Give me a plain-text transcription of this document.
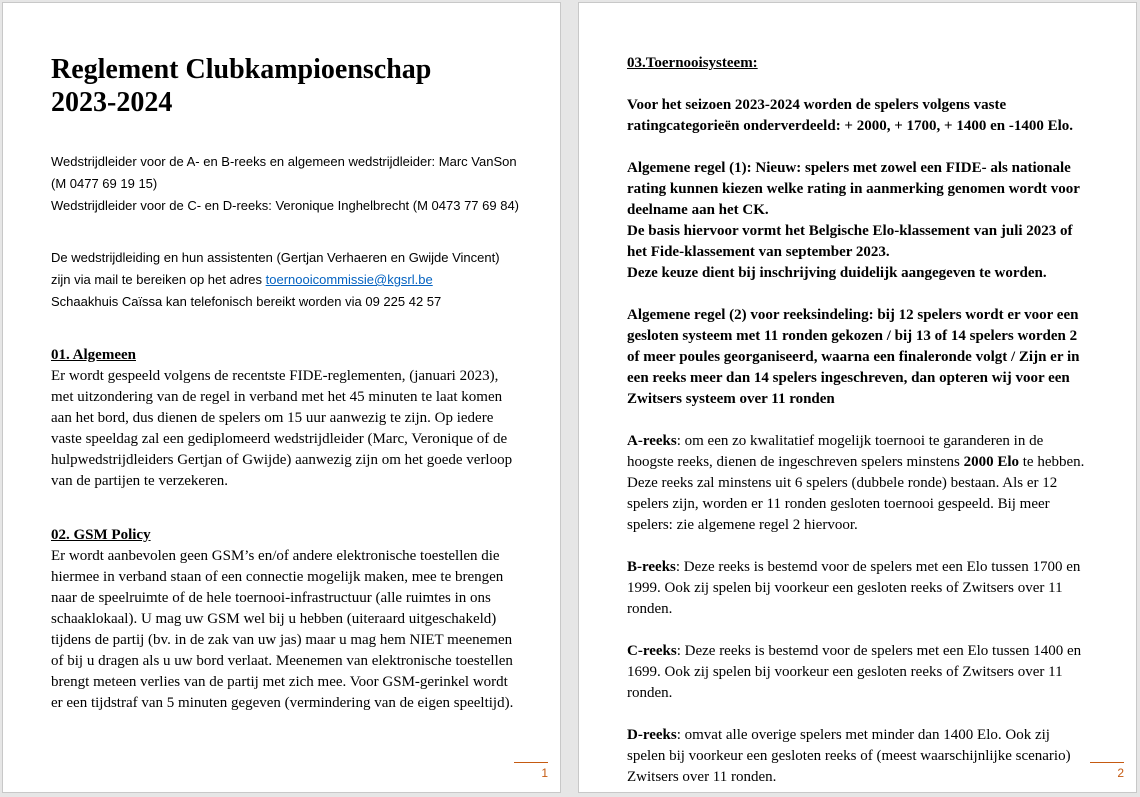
Reglement Clubkampioenschap
2023-2024

Wedstrijdleider voor de A- en B-reeks en algemeen wedstrijdleider: Marc VanSon (M 0477 69 19 15)

Wedstrijdleider voor de C- en D-reeks: Veronique Inghelbrecht (M 0473 77 69 84)

De wedstrijdleiding en hun assistenten (Gertjan Verhaeren en Gwijde Vincent) zijn via mail te bereiken op het adres toernooicommissie@kgsrl.be

Schaakhuis Caïssa kan telefonisch bereikt worden via 09 225 42 57

01. Algemeen

Er wordt gespeeld volgens de recentste FIDE-reglementen, (januari 2023), met uitzondering van de regel in verband met het 45 minuten te laat komen aan het bord, dus dienen de spelers om 15 uur aanwezig te zijn. Op iedere vaste speeldag zal een gediplomeerd wedstrijdleider (Marc, Veronique of de hulpwedstrijdleiders Gertjan of Gwijde) aanwezig zijn om het goede verloop van de partijen te verzekeren.

02. GSM Policy

Er wordt aanbevolen geen GSM’s en/of andere elektronische toestellen die hiermee in verband staan of een connectie mogelijk maken, mee te brengen naar de speelruimte of de hele toernooi-infrastructuur (alle ruimtes in ons schaaklokaal). U mag uw GSM wel bij u hebben (uiteraard uitgeschakeld) tijdens de partij (bv. in de zak van uw jas) maar u mag hem NIET meenemen of bij u dragen als u uw bord verlaat. Meenemen van elektronische toestellen brengt meteen verlies van de partij met zich mee. Voor GSM-gerinkel wordt er een tijdstraf van 5 minuten gegeven (vermindering van de eigen speeltijd).

1

03.Toernooisysteem:

Voor het seizoen 2023-2024 worden de spelers volgens vaste ratingcategorieën onderverdeeld: + 2000, + 1700, + 1400 en -1400 Elo.

Algemene regel (1): Nieuw: spelers met zowel een FIDE- als nationale rating kunnen kiezen welke rating in aanmerking genomen wordt voor deelname aan het CK.

De basis hiervoor vormt het Belgische Elo-klassement van juli 2023 of het Fide-klassement van september 2023.

Deze keuze dient bij inschrijving duidelijk aangegeven te worden.

Algemene regel (2) voor reeksindeling: bij 12 spelers wordt er voor een gesloten systeem met 11 ronden gekozen / bij 13 of 14 spelers worden 2 of meer poules georganiseerd, waarna een finaleronde volgt / Zijn er in een reeks meer dan 14 spelers ingeschreven, dan opteren wij voor een Zwitsers systeem over 11 ronden

A-reeks: om een zo kwalitatief mogelijk toernooi te garanderen in de hoogste reeks, dienen de ingeschreven spelers minstens 2000 Elo te hebben. Deze reeks zal minstens uit 6 spelers (dubbele ronde) bestaan. Als er 12 spelers zijn, worden er 11 ronden gesloten toernooi gespeeld. Bij meer spelers: zie algemene regel 2 hiervoor.

B-reeks: Deze reeks is bestemd voor de spelers met een Elo tussen 1700 en 1999. Ook zij spelen bij voorkeur een gesloten reeks of Zwitsers over 11 ronden.

C-reeks: Deze reeks is bestemd voor de spelers met een Elo tussen 1400 en 1699. Ook zij spelen bij voorkeur een gesloten reeks of Zwitsers over 11 ronden.

D-reeks: omvat alle overige spelers met minder dan 1400 Elo. Ook zij spelen bij voorkeur een gesloten reeks of (meest waarschijnlijke scenario) Zwitsers over 11 ronden.	2
